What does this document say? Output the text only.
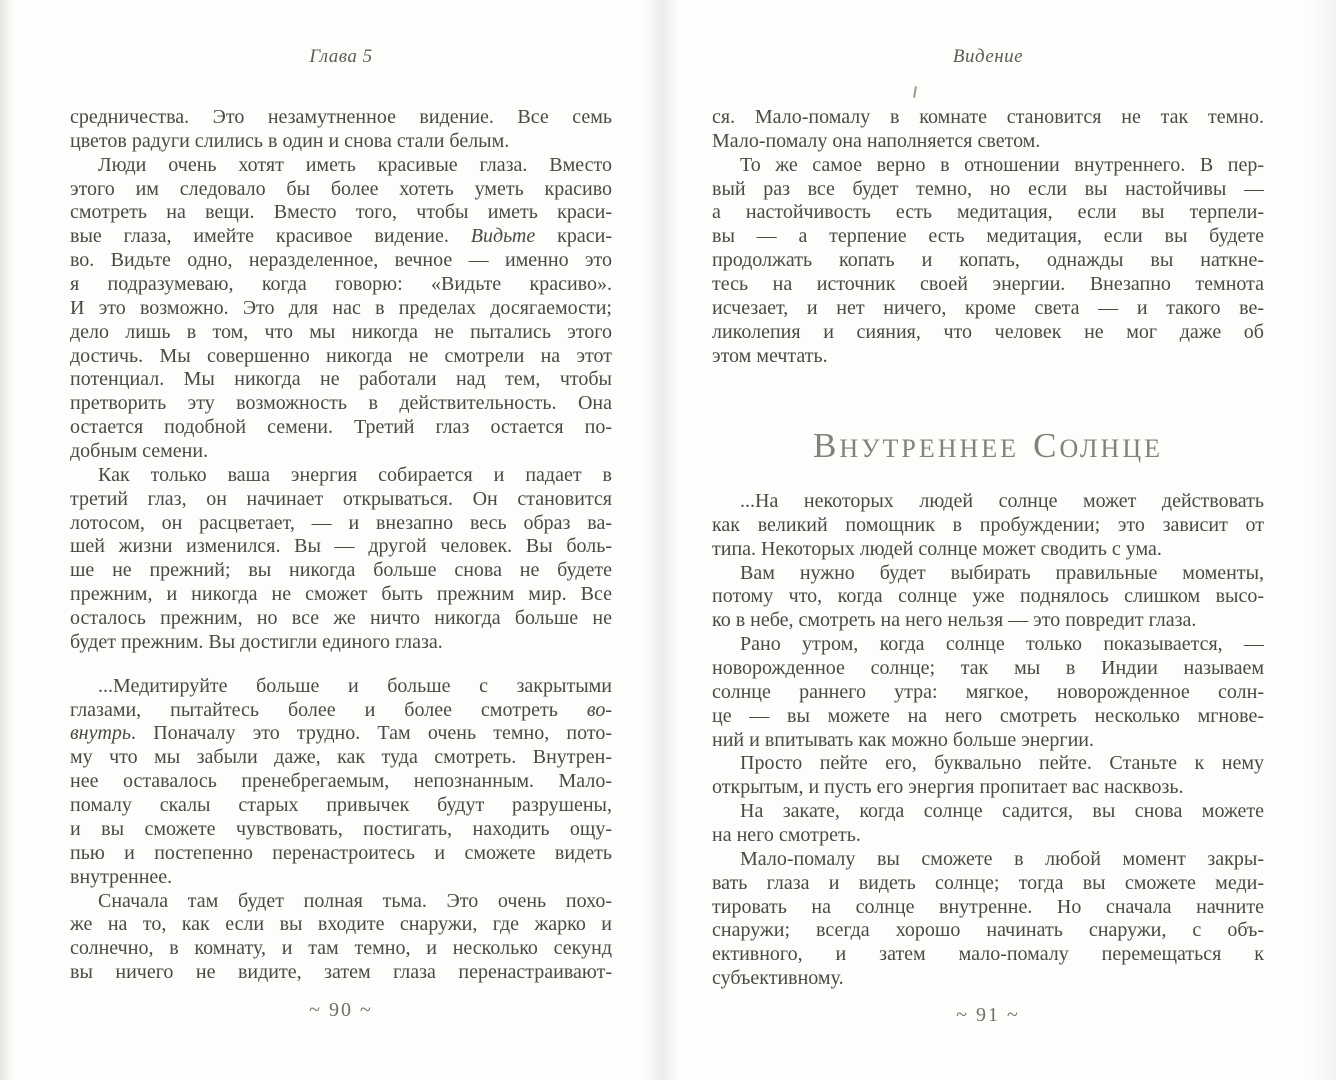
Глава 5
средничества. Это незамутненное видение. Все семь
цветов радуги слились в один и снова стали белым.
Люди очень хотят иметь красивые глаза. Вместо
этого им следовало бы более хотеть уметь красиво
смотреть на вещи. Вместо того, чтобы иметь краси-
вые глаза, имейте красивое видение. Видьте краси-
во. Видьте одно, неразделенное, вечное — именно это
я подразумеваю, когда говорю: «Видьте красиво».
И это возможно. Это для нас в пределах досягаемости;
дело лишь в том, что мы никогда не пытались этого
достичь. Мы совершенно никогда не смотрели на этот
потенциал. Мы никогда не работали над тем, чтобы
претворить эту возможность в действительность. Она
остается подобной семени. Третий глаз остается по-
добным семени.
Как только ваша энергия собирается и падает в
третий глаз, он начинает открываться. Он становится
лотосом, он расцветает, — и внезапно весь образ ва-
шей жизни изменился. Вы — другой человек. Вы боль-
ше не прежний; вы никогда больше снова не будете
прежним, и никогда не сможет быть прежним мир. Все
осталось прежним, но все же ничто никогда больше не
будет прежним. Вы достигли единого глаза.
...Медитируйте больше и больше с закрытыми
глазами, пытайтесь более и более смотреть во-
внутрь. Поначалу это трудно. Там очень темно, пото-
му что мы забыли даже, как туда смотреть. Внутрен-
нее оставалось пренебрегаемым, непознанным. Мало-
помалу скалы старых привычек будут разрушены,
и вы сможете чувствовать, постигать, находить ощу-
пью и постепенно перенастроитесь и сможете видеть
внутреннее.
Сначала там будет полная тьма. Это очень похо-
же на то, как если вы входите снаружи, где жарко и
солнечно, в комнату, и там темно, и несколько секунд
вы ничего не видите, затем глаза перенастраивают-
~ 90 ~
Видение
ся. Мало-помалу в комнате становится не так темно.
Мало-помалу она наполняется светом.
То же самое верно в отношении внутреннего. В пер-
вый раз все будет темно, но если вы настойчивы —
а настойчивость есть медитация, если вы терпели-
вы — а терпение есть медитация, если вы будете
продолжать копать и копать, однажды вы наткне-
тесь на источник своей энергии. Внезапно темнота
исчезает, и нет ничего, кроме света — и такого ве-
ликолепия и сияния, что человек не мог даже об
этом мечтать.
ВНУТРЕННЕЕ СОЛНЦЕ
...На некоторых людей солнце может действовать
как великий помощник в пробуждении; это зависит от
типа. Некоторых людей солнце может сводить с ума.
Вам нужно будет выбирать правильные моменты,
потому что, когда солнце уже поднялось слишком высо-
ко в небе, смотреть на него нельзя — это повредит глаза.
Рано утром, когда солнце только показывается, —
новорожденное солнце; так мы в Индии называем
солнце раннего утра: мягкое, новорожденное солн-
це — вы можете на него смотреть несколько мгнове-
ний и впитывать как можно больше энергии.
Просто пейте его, буквально пейте. Станьте к нему
открытым, и пусть его энергия пропитает вас насквозь.
На закате, когда солнце садится, вы снова можете
на него смотреть.
Мало-помалу вы сможете в любой момент закры-
вать глаза и видеть солнце; тогда вы сможете меди-
тировать на солнце внутренне. Но сначала начните
снаружи; всегда хорошо начинать снаружи, с объ-
ективного, и затем мало-помалу перемещаться к
субъективному.
~ 91 ~
